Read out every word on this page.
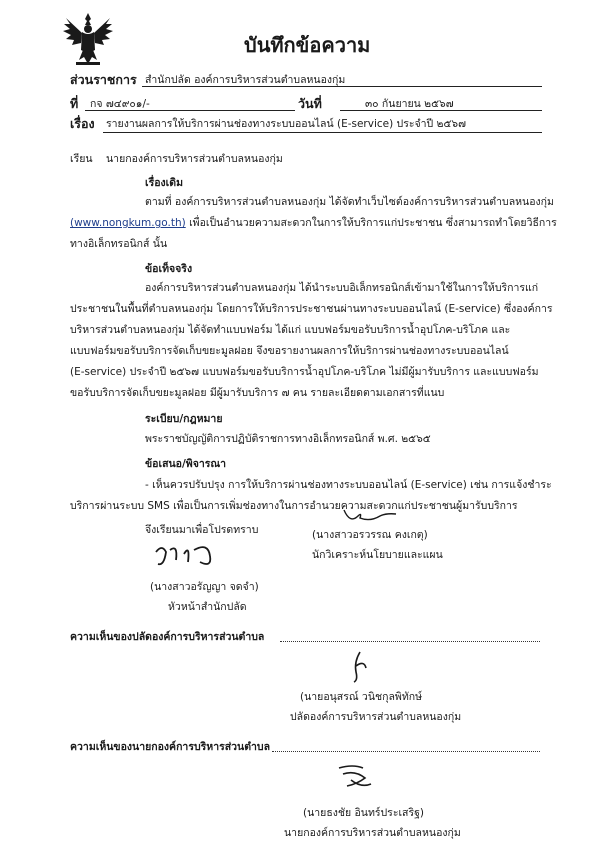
บันทึกข้อความ
ส่วนราชการ สำนักปลัด องค์การบริหารส่วนตำบลหนองกุ่ม
ที่ กจ ๗๔๙๐๑/-	วันที่	๓๐ กันยายน ๒๕๖๗
เรื่อง รายงานผลการให้บริการผ่านช่องทางระบบออนไลน์ (E-service) ประจำปี ๒๕๖๗
เรียน นายกองค์การบริหารส่วนตำบลหนองกุ่ม
เรื่องเดิม
ตามที่ องค์การบริหารส่วนตำบลหนองกุ่ม ได้จัดทำเว็บไซต์องค์การบริหารส่วนตำบลหนองกุ่ม
(www.nongkum.go.th) เพื่อเป็นอำนวยความสะดวกในการให้บริการแก่ประชาชน ซึ่งสามารถทำโดยวิธีการ
ทางอิเล็กทรอนิกส์ นั้น
ข้อเท็จจริง
องค์การบริหารส่วนตำบลหนองกุ่ม ได้นำระบบอิเล็กทรอนิกส์เข้ามาใช้ในการให้บริการแก่
ประชาชนในพื้นที่ตำบลหนองกุ่ม โดยการให้บริการประชาชนผ่านทางระบบออนไลน์ (E-service) ซึ่งองค์การ
บริหารส่วนตำบลหนองกุ่ม ได้จัดทำแบบฟอร์ม ได้แก่ แบบฟอร์มขอรับบริการน้ำอุปโภค-บริโภค และ
แบบฟอร์มขอรับบริการจัดเก็บขยะมูลฝอย จึงขอรายงานผลการให้บริการผ่านช่องทางระบบออนไลน์
(E-service) ประจำปี ๒๕๖๗ แบบฟอร์มขอรับบริการน้ำอุปโภค-บริโภค ไม่มีผู้มารับบริการ และแบบฟอร์ม
ขอรับบริการจัดเก็บขยะมูลฝอย มีผู้มารับบริการ ๗ คน รายละเอียดตามเอกสารที่แนบ
ระเบียบ/กฎหมาย
พระราชบัญญัติการปฏิบัติราชการทางอิเล็กทรอนิกส์ พ.ศ. ๒๕๖๕
ข้อเสนอ/พิจารณา
- เห็นควรปรับปรุง การให้บริการผ่านช่องทางระบบออนไลน์ (E-service) เช่น การแจ้งชำระ
บริการผ่านระบบ SMS เพื่อเป็นการเพิ่มช่องทางในการอำนวยความสะดวกแก่ประชาชนผู้มารับบริการ
จึงเรียนมาเพื่อโปรดทราบ	(นางสาวอรวรรณ คงเกตุ)
นักวิเคราะห์นโยบายและแผน
(นางสาวอรัญญา จดจำ)
หัวหน้าสำนักปลัด
ความเห็นของปลัดองค์การบริหารส่วนตำบล
(นายอนุสรณ์ วนิชกุลพิทักษ์
ปลัดองค์การบริหารส่วนตำบลหนองกุ่ม
ความเห็นของนายกองค์การบริหารส่วนตำบล
(นายธงชัย อินทร์ประเสริฐ)
นายกองค์การบริหารส่วนตำบลหนองกุ่ม
